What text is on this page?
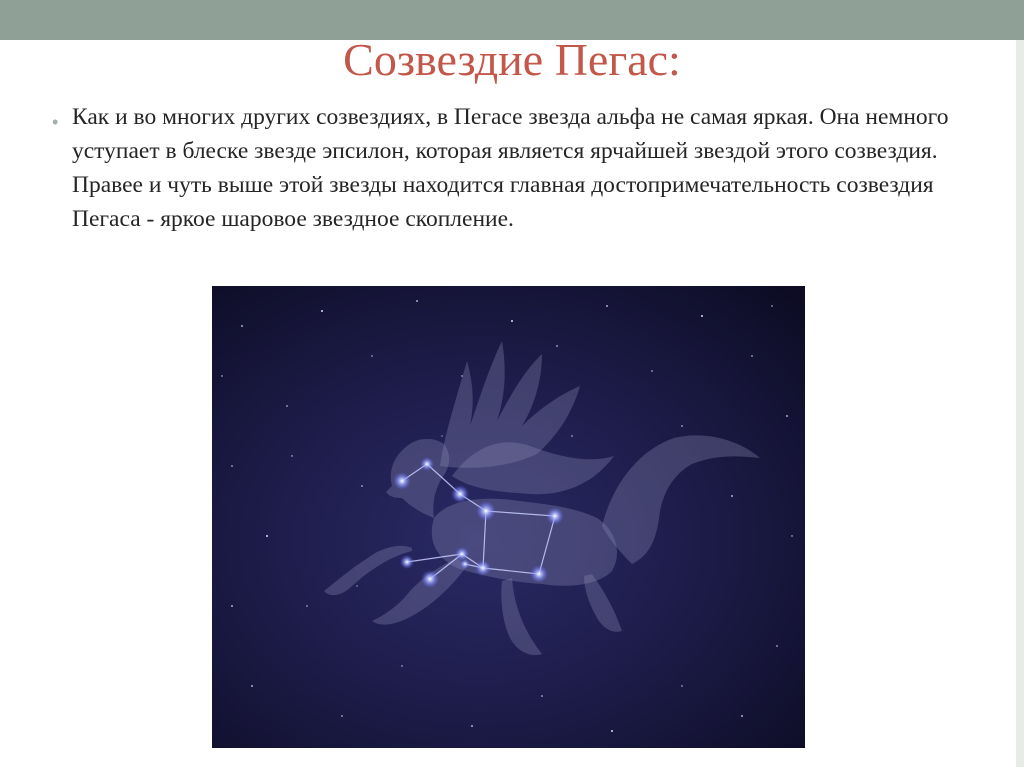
Созвездие Пегас:
• Как и во многих других созвездиях, в Пегасе звезда альфа не самая яркая. Она немного уступает в блеске звезде эпсилон, которая является ярчайшей звездой этого созвездия. Правее и чуть выше этой звезды находится главная достопримечательность созвездия Пегаса - яркое шаровое звездное скопление.
